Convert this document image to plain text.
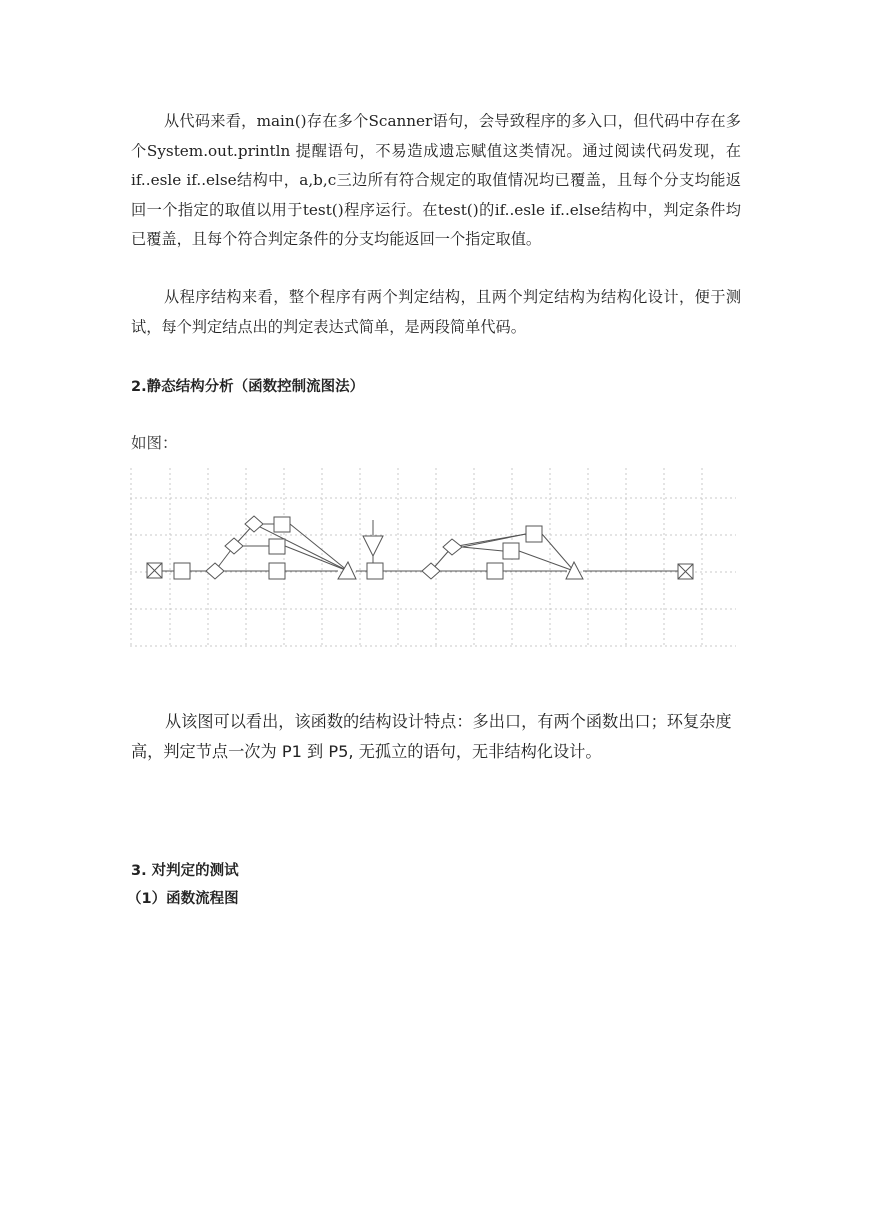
从代码来看，main()存在多个Scanner语句，会导致程序的多入口，但代码中存在多个System.out.println 提醒语句，不易造成遗忘赋值这类情况。通过阅读代码发现，在if..esle if..else结构中，a,b,c三边所有符合规定的取值情况均已覆盖，且每个分支均能返回一个指定的取值以用于test()程序运行。在test()的if..esle if..else结构中，判定条件均已覆盖，且每个符合判定条件的分支均能返回一个指定取值。

从程序结构来看，整个程序有两个判定结构，且两个判定结构为结构化设计，便于测试，每个判定结点出的判定表达式简单，是两段简单代码。

2.静态结构分析（函数控制流图法）

如图：

从该图可以看出，该函数的结构设计特点：多出口，有两个函数出口；环复杂度高，判定节点一次为 P1 到 P5, 无孤立的语句，无非结构化设计。

3. 对判定的测试
（1）函数流程图
